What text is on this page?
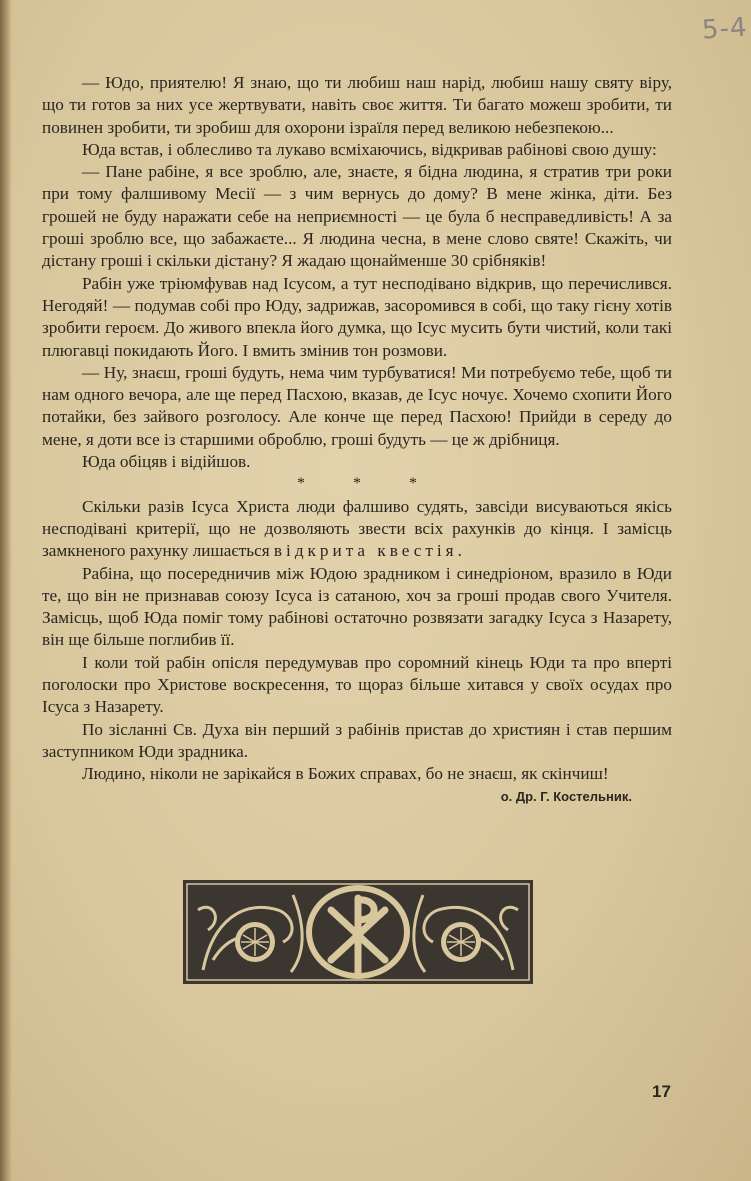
5-4

— Юдо, приятелю! Я знаю, що ти любиш наш нарід, любиш нашу святу віру, що ти готов за них усе жертвувати, навіть своє життя. Ти багато можеш зробити, ти повинен зробити, ти зробиш для охорони ізраїля перед великою небезпекою...

Юда встав, і облесливо та лукаво всміхаючись, відкривав рабінові свою душу:

— Пане рабіне, я все зроблю, але, знаєте, я бідна людина, я стратив три роки при тому фалшивому Месії — з чим вернусь до дому? В мене жінка, діти. Без грошей не буду наражати себе на неприємності — це була б несправедливість! А за гроші зроблю все, що забажаєте... Я людина чесна, в мене слово святе! Скажіть, чи дістану гроші і скільки дістану? Я жадаю щонайменше 30 срібняків!

Рабін уже тріюмфував над Ісусом, а тут несподівано відкрив, що перечислився. Негодяй! — подумав собі про Юду, задрижав, засоромився в собі, що таку гієну хотів зробити героєм. До живого впекла його думка, що Ісус мусить бути чистий, коли такі плюгавці покидають Його. І вмить змінив тон розмови.

— Ну, знаєш, гроші будуть, нема чим турбуватися! Ми потребуємо тебе, щоб ти нам одного вечора, але ще перед Пасхою, вказав, де Ісус ночує. Хочемо схопити Його потайки, без зайвого розголосу. Але конче ще перед Пасхою! Прийди в середу до мене, я доти все із старшими оброблю, гроші будуть — це ж дрібниця.

Юда обіцяв і відійшов.

* * *

Скільки разів Ісуса Христа люди фалшиво судять, завсіди висуваються якісь несподівані критерії, що не дозволяють звести всіх рахунків до кінця. І замісць замкненого рахунку лишається відкрита квестія.

Рабіна, що посередничив між Юдою зрадником і синедріоном, вразило в Юди те, що він не признавав союзу Ісуса із сатаною, хоч за гроші продав свого Учителя. Замісць, щоб Юда поміг тому рабінові остаточно розвязати загадку Ісуса з Назарету, він ще більше поглибив її.

І коли той рабін опісля передумував про соромний кінець Юди та про вперті поголоски про Христове воскресення, то щораз більше хитався у своїх осудах про Ісуса з Назарету.

По зісланні Св. Духа він перший з рабінів пристав до християн і став першим заступником Юди зрадника.

Людино, ніколи не зарікайся в Божих справах, бо не знаєш, як скінчиш!

о. Др. Г. Костельник.

17
